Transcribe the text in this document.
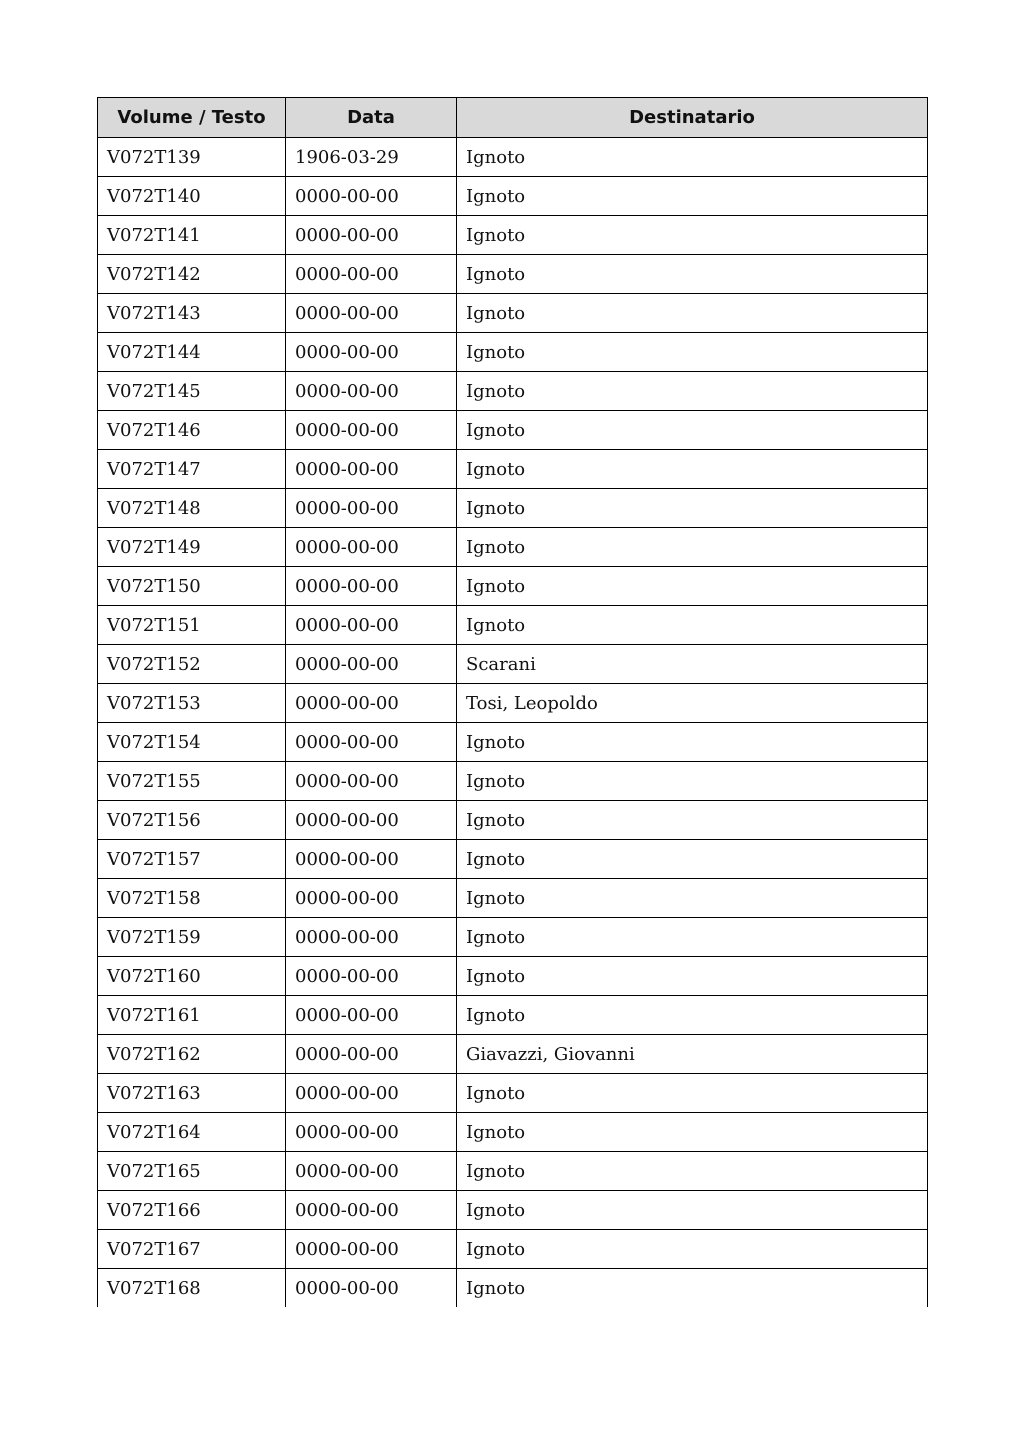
Volume / Testo	Data	Destinatario
V072T139	1906-03-29	Ignoto
V072T140	0000-00-00	Ignoto
V072T141	0000-00-00	Ignoto
V072T142	0000-00-00	Ignoto
V072T143	0000-00-00	Ignoto
V072T144	0000-00-00	Ignoto
V072T145	0000-00-00	Ignoto
V072T146	0000-00-00	Ignoto
V072T147	0000-00-00	Ignoto
V072T148	0000-00-00	Ignoto
V072T149	0000-00-00	Ignoto
V072T150	0000-00-00	Ignoto
V072T151	0000-00-00	Ignoto
V072T152	0000-00-00	Scarani
V072T153	0000-00-00	Tosi, Leopoldo
V072T154	0000-00-00	Ignoto
V072T155	0000-00-00	Ignoto
V072T156	0000-00-00	Ignoto
V072T157	0000-00-00	Ignoto
V072T158	0000-00-00	Ignoto
V072T159	0000-00-00	Ignoto
V072T160	0000-00-00	Ignoto
V072T161	0000-00-00	Ignoto
V072T162	0000-00-00	Giavazzi, Giovanni
V072T163	0000-00-00	Ignoto
V072T164	0000-00-00	Ignoto
V072T165	0000-00-00	Ignoto
V072T166	0000-00-00	Ignoto
V072T167	0000-00-00	Ignoto
V072T168	0000-00-00	Ignoto
